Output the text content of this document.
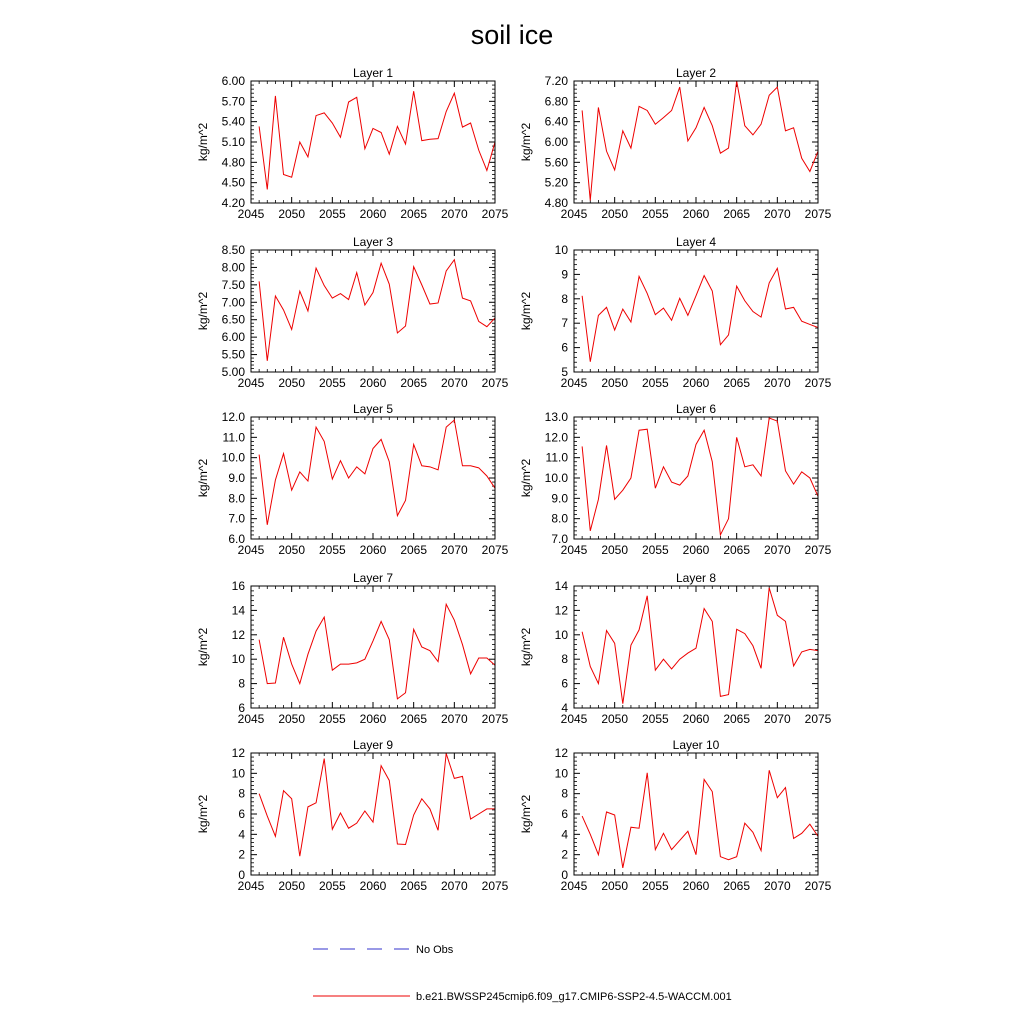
soil ice
Layer 1
kg/m^2
2045 2050 2055 2060 2065 2070 2075
4.20
4.50
4.80
5.10
5.40
5.70
6.00
Layer 2
kg/m^2
2045 2050 2055 2060 2065 2070 2075
4.80
5.20
5.60
6.00
6.40
6.80
7.20
Layer 3
kg/m^2
2045 2050 2055 2060 2065 2070 2075
5.00
5.50
6.00
6.50
7.00
7.50
8.00
8.50
Layer 4
kg/m^2
2045 2050 2055 2060 2065 2070 2075
5
6
7
8
9
10
Layer 5
kg/m^2
2045 2050 2055 2060 2065 2070 2075
6.0
7.0
8.0
9.0
10.0
11.0
12.0
Layer 6
kg/m^2
2045 2050 2055 2060 2065 2070 2075
7.0
8.0
9.0
10.0
11.0
12.0
13.0
Layer 7
kg/m^2
2045 2050 2055 2060 2065 2070 2075
6
8
10
12
14
16
Layer 8
kg/m^2
2045 2050 2055 2060 2065 2070 2075
4
6
8
10
12
14
Layer 9
kg/m^2
2045 2050 2055 2060 2065 2070 2075
0
2
4
6
8
10
12
Layer 10
kg/m^2
2045 2050 2055 2060 2065 2070 2075
0
2
4
6
8
10
12
No Obs
b.e21.BWSSP245cmip6.f09_g17.CMIP6-SSP2-4.5-WACCM.001
